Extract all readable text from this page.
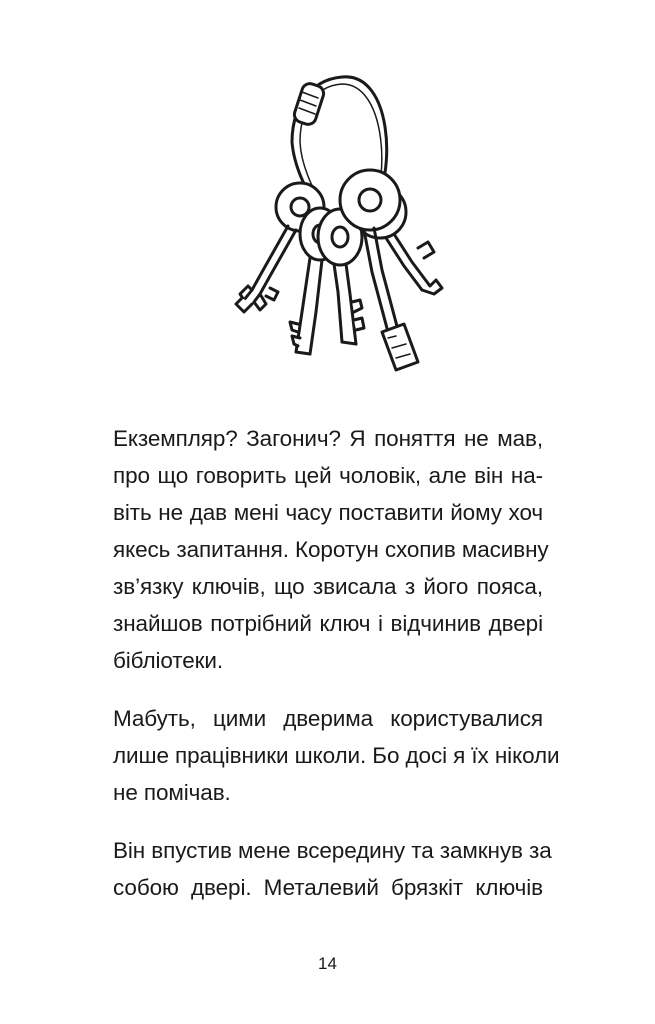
Екземпляр? Загонич? Я поняття не мав,
про що говорить цей чоловік, але він на-
віть не дав мені часу поставити йому хоч
якесь запитання. Коротун схопив масивну
зв’язку ключів, що звисала з його пояса,
знайшов потрібний ключ і відчинив двері
бібліотеки.

Мабуть, цими дверима користувалися
лише працівники школи. Бо досі я їх ніколи
не помічав.

Він впустив мене всередину та замкнув за
собою двері. Металевий брязкіт ключів

14
